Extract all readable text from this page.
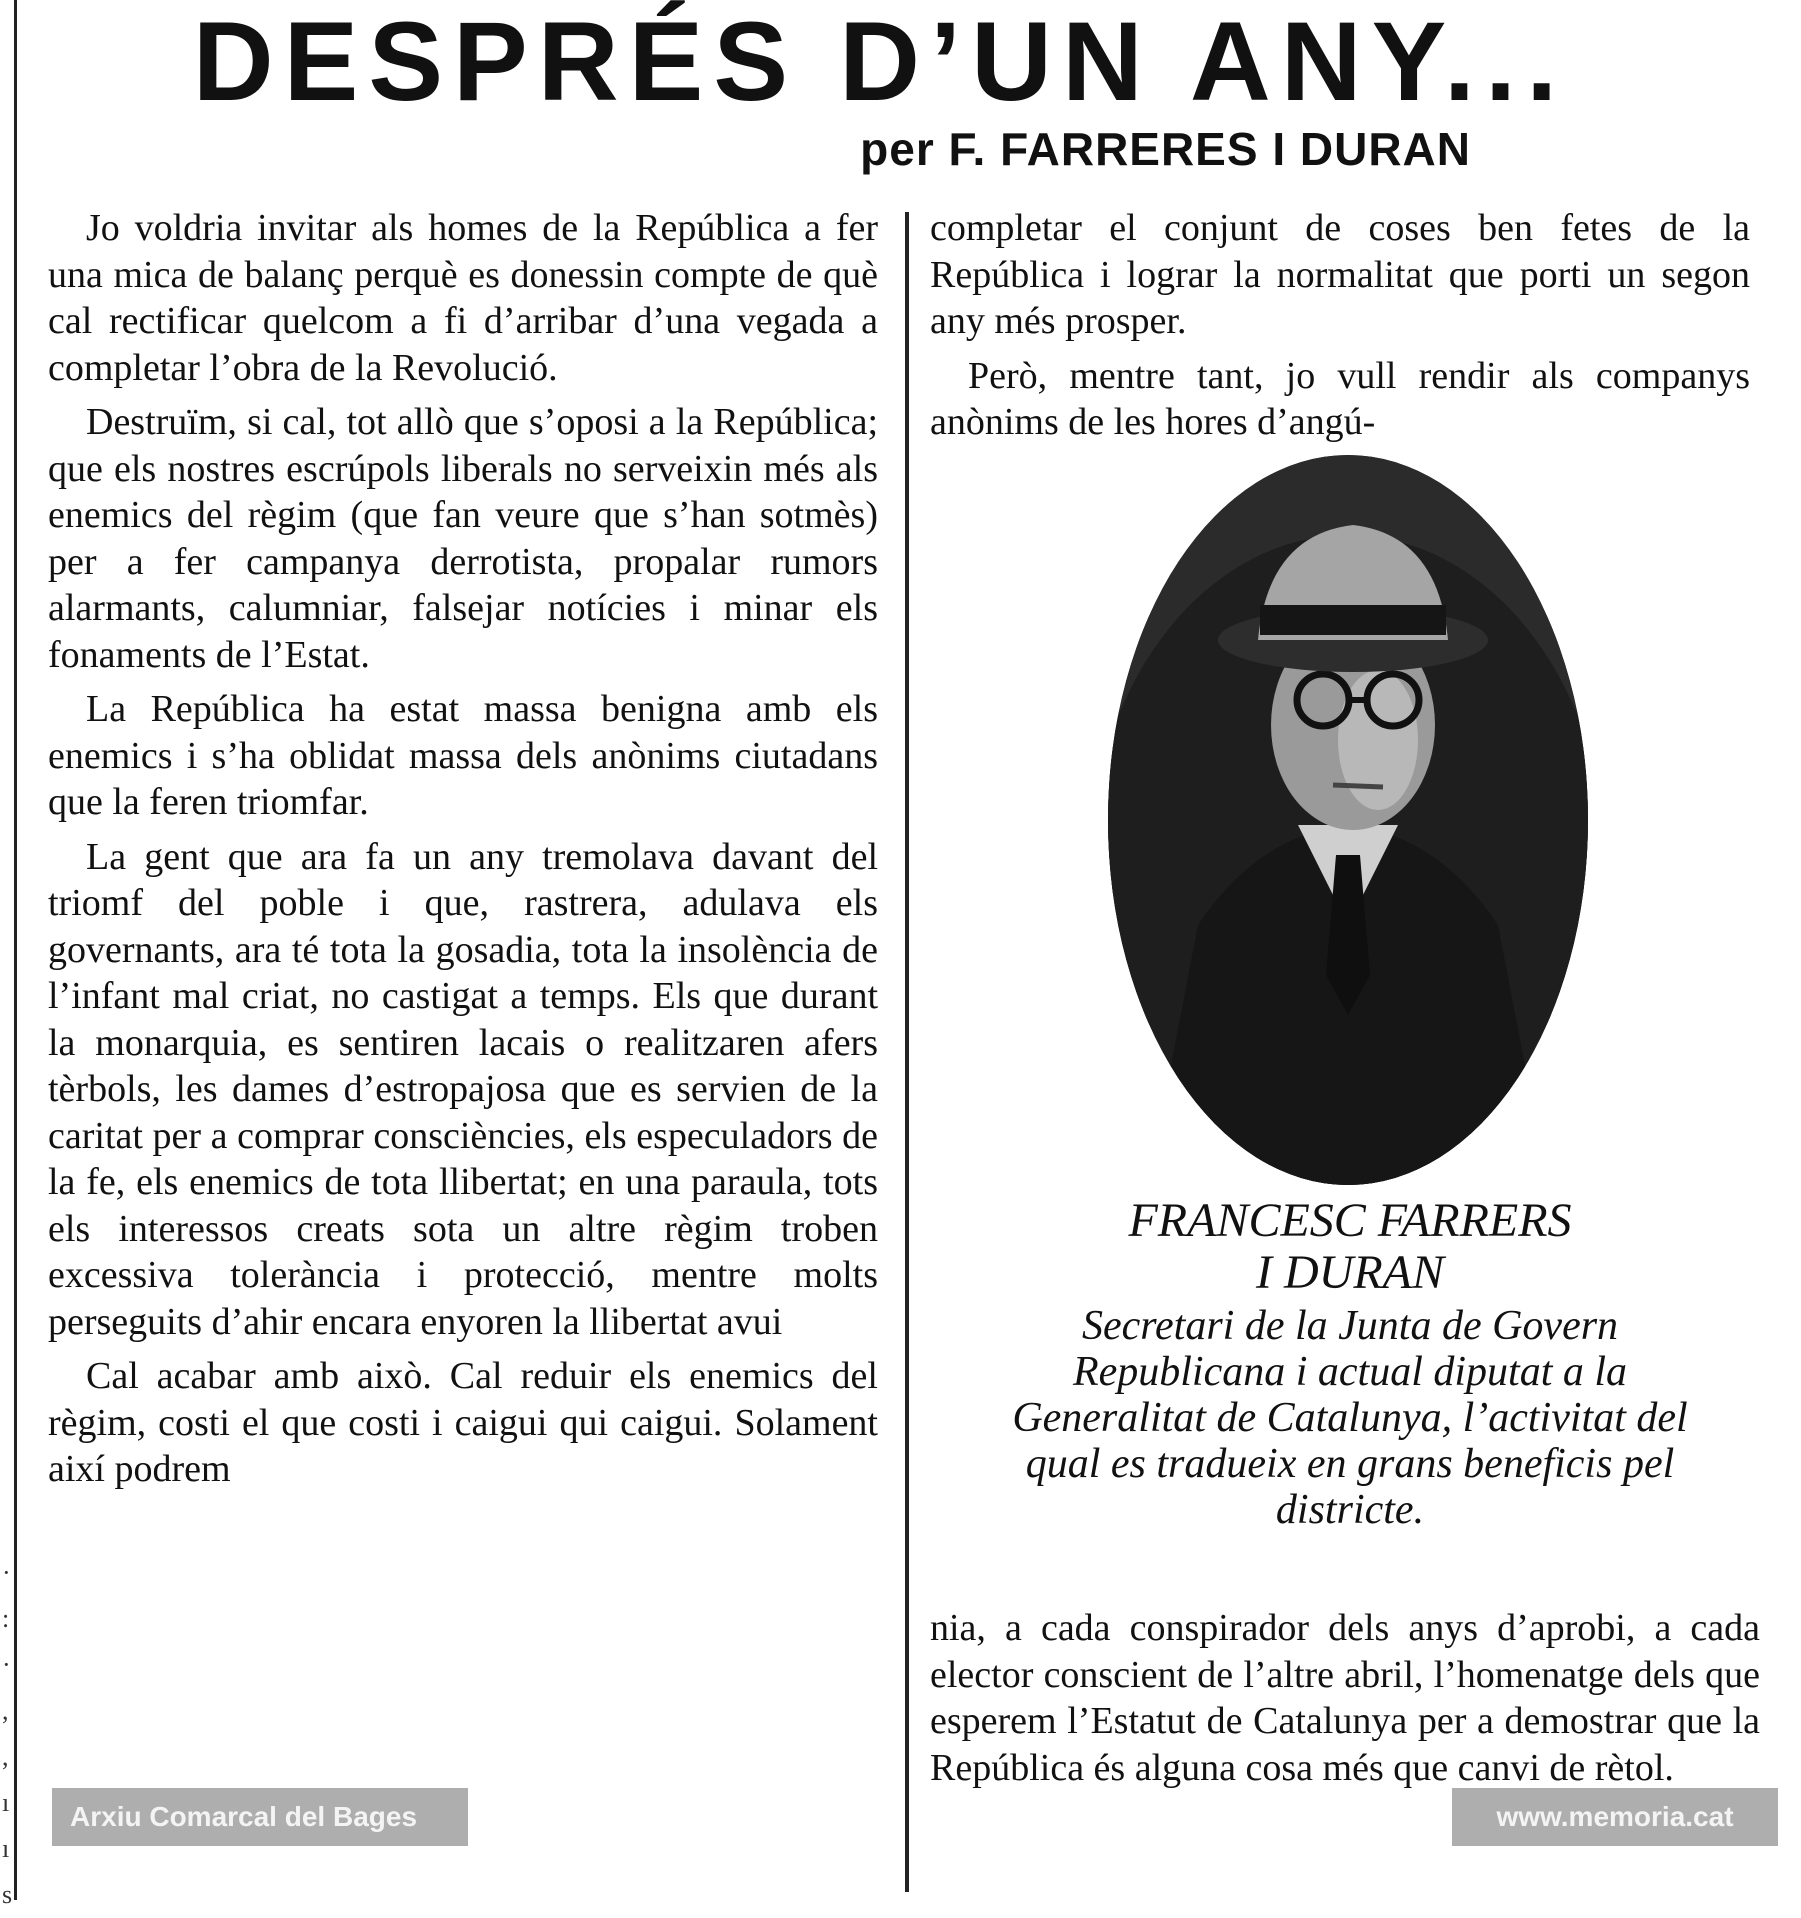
DESPRÉS D’UN ANY...
per F. FARRERES I DURAN

Jo voldria invitar als homes de la República a fer una mica de balanç perquè es donessin compte de què cal rectificar quelcom a fi d’arribar d’una vegada a completar l’obra de la Revolució.

Destruïm, si cal, tot allò que s’oposi a la República; que els nostres escrúpols liberals no serveixin més als enemics del règim (que fan veure que s’han sotmès) per a fer campanya derrotista, propalar rumors alarmants, calumniar, falsejar notícies i minar els fonaments de l’Estat.

La República ha estat massa benigna amb els enemics i s’ha oblidat massa dels anònims ciutadans que la feren triomfar.

La gent que ara fa un any tremolava davant del triomf del poble i que, rastrera, adulava els governants, ara té tota la gosadia, tota la insolència de l’infant mal criat, no castigat a temps. Els que durant la monarquia, es sentiren lacais o realitzaren afers tèrbols, les dames d’estropajosa que es servien de la caritat per a comprar consciències, els especuladors de la fe, els enemics de tota llibertat; en una paraula, tots els interessos creats sota un altre règim troben excessiva tolerància i protecció, mentre molts perseguits d’ahir encara enyoren la llibertat avui

Cal acabar amb això. Cal reduir els enemics del règim, costi el que costi i caigui qui caigui. Solament així podrem

completar el conjunt de coses ben fetes de la República i lograr la normalitat que porti un segon any més prosper.

Però, mentre tant, jo vull rendir als companys anònims de les hores d’angú-

FRANCESC FARRERS
I DURAN
Secretari de la Junta de Govern Republicana i actual diputat a la Generalitat de Catalunya, l’activitat del qual es tradueix en grans beneficis pel districte.

nia, a cada conspirador dels anys d’aprobi, a cada elector conscient de l’altre abril, l’homenatge dels que esperem l’Estatut de Catalunya per a demostrar que la República és alguna cosa més que canvi de rètol.

·
:
·
,
,
ı
ı
s
Arxiu Comarcal del Bages	www.memoria.cat
